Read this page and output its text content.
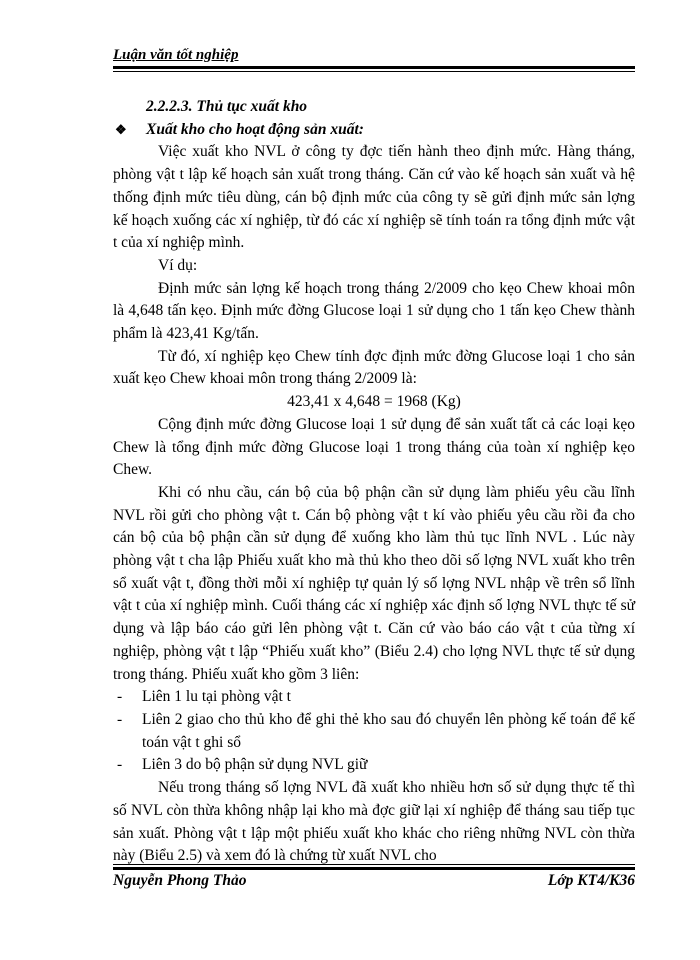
Luận văn tốt nghiệp

2.2.2.3. Thủ tục xuất kho

❖	Xuất kho cho hoạt động sản xuất:

Việc xuất kho NVL ở công ty đợc tiến hành theo định mức. Hàng tháng, phòng vật t lập kế hoạch sản xuất trong tháng. Căn cứ vào kế hoạch sản xuất và hệ thống định mức tiêu dùng, cán bộ định mức của công ty sẽ gửi định mức sản lợng kế hoạch xuống các xí nghiệp, từ đó các xí nghiệp sẽ tính toán ra tổng định mức vật t của xí nghiệp mình.

Ví dụ:

Định mức sản lợng kế hoạch trong tháng 2/2009 cho kẹo Chew khoai môn là 4,648 tấn kẹo. Định mức đờng Glucose loại 1 sử dụng cho 1 tấn kẹo Chew thành phẩm là 423,41 Kg/tấn.

Từ đó, xí nghiệp kẹo Chew tính đợc định mức đờng Glucose loại 1 cho sản xuất kẹo Chew khoai môn trong tháng 2/2009 là:

423,41 x 4,648 = 1968 (Kg)

Cộng định mức đờng Glucose loại 1 sử dụng để sản xuất tất cả các loại kẹo Chew là tổng định mức đờng Glucose loại 1 trong tháng của toàn xí nghiệp kẹo Chew.

Khi có nhu cầu, cán bộ của bộ phận cần sử dụng làm phiếu yêu cầu lĩnh NVL rồi gửi cho phòng vật t. Cán bộ phòng vật t kí vào phiếu yêu cầu rồi đa cho cán bộ của bộ phận cần sử dụng để xuống kho làm thủ tục lĩnh NVL . Lúc này phòng vật t cha lập Phiếu xuất kho mà thủ kho theo dõi số lợng NVL xuất kho trên sổ xuất vật t, đồng thời mỗi xí nghiệp tự quản lý số lợng NVL nhập về trên sổ lĩnh vật t của xí nghiệp mình. Cuối tháng các xí nghiệp xác định số lợng NVL thực tế sử dụng và lập báo cáo gửi lên phòng vật t. Căn cứ vào báo cáo vật t của từng xí nghiệp, phòng vật t lập “Phiếu xuất kho” (Biểu 2.4) cho lợng NVL thực tế sử dụng trong tháng. Phiếu xuất kho gồm 3 liên:

-	Liên 1 lu tại phòng vật t
-	Liên 2 giao cho thủ kho để ghi thẻ kho sau đó chuyển lên phòng kế toán để kế toán vật t ghi sổ
-	Liên 3 do bộ phận sử dụng NVL giữ

Nếu trong tháng số lợng NVL đã xuất kho nhiều hơn số sử dụng thực tế thì số NVL còn thừa không nhập lại kho mà đợc giữ lại xí nghiệp để tháng sau tiếp tục sản xuất. Phòng vật t lập một phiếu xuất kho khác cho riêng những NVL còn thừa này (Biểu 2.5) và xem đó là chứng từ xuất NVL cho

Nguyễn Phong Thảo	Lớp KT4/K36
